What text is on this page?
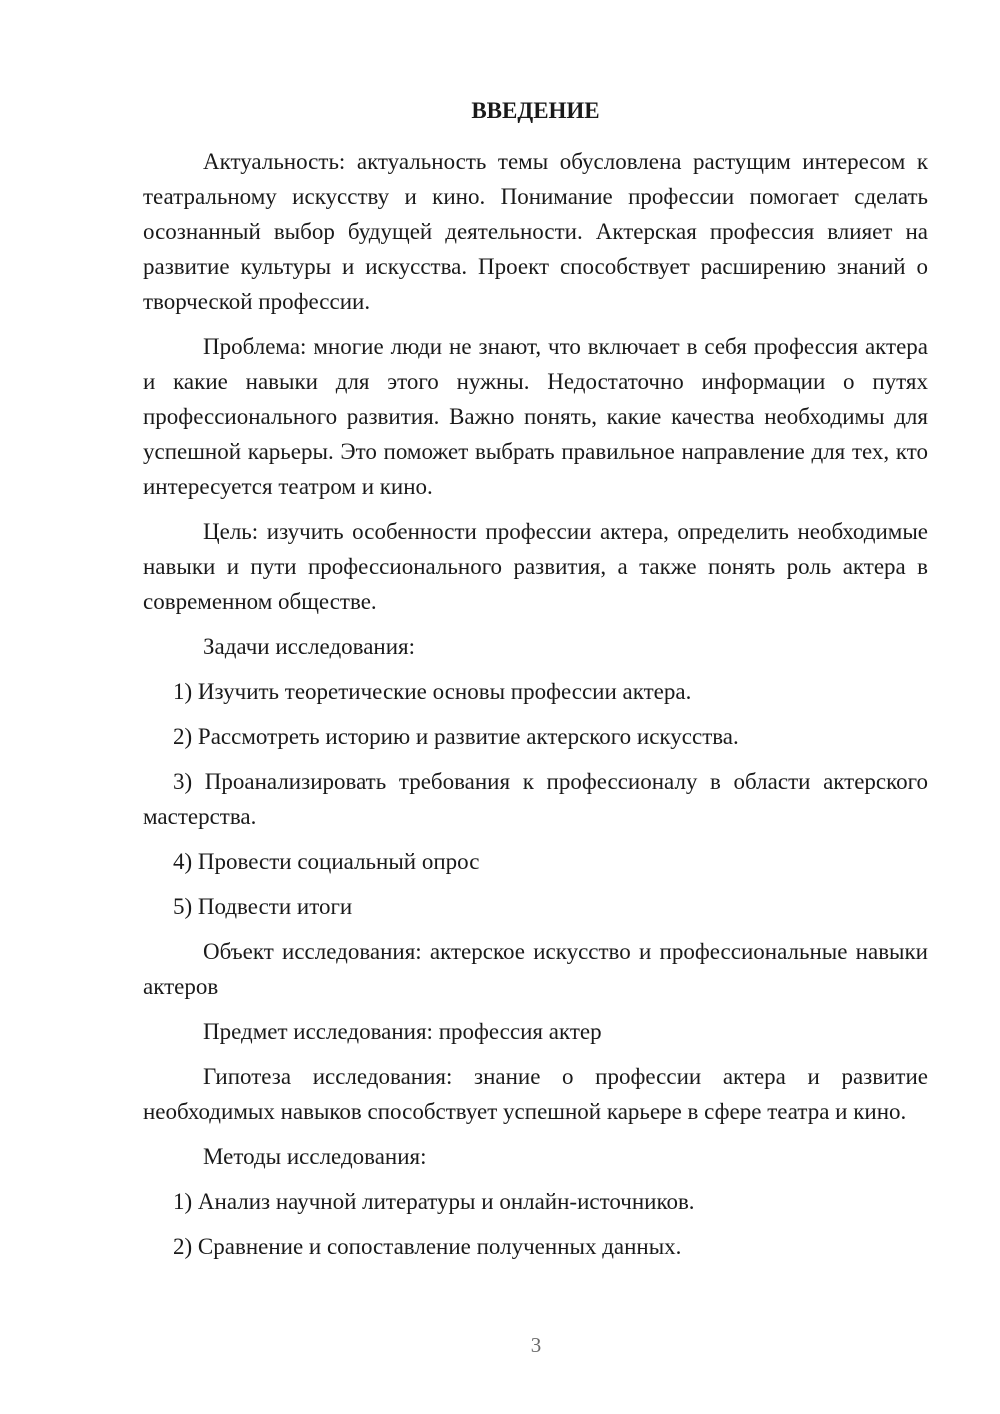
ВВЕДЕНИЕ

Актуальность: актуальность темы обусловлена растущим интересом к театральному искусству и кино. Понимание профессии помогает сделать осознанный выбор будущей деятельности. Актерская профессия влияет на развитие культуры и искусства. Проект способствует расширению знаний о творческой профессии.

Проблема: многие люди не знают, что включает в себя профессия актера и какие навыки для этого нужны. Недостаточно информации о путях профессионального развития. Важно понять, какие качества необходимы для успешной карьеры. Это поможет выбрать правильное направление для тех, кто интересуется театром и кино.

Цель: изучить особенности профессии актера, определить необходимые навыки и пути профессионального развития, а также понять роль актера в современном обществе.

Задачи исследования:

1) Изучить теоретические основы профессии актера.

2) Рассмотреть историю и развитие актерского искусства.

3) Проанализировать требования к профессионалу в области актерского мастерства.

4) Провести социальный опрос

5) Подвести итоги

Объект исследования: актерское искусство и профессиональные навыки актеров

Предмет исследования: профессия актер

Гипотеза исследования: знание о профессии актера и развитие необходимых навыков способствует успешной карьере в сфере театра и кино.

Методы исследования:

1) Анализ научной литературы и онлайн-источников.

2) Сравнение и сопоставление полученных данных.

3
